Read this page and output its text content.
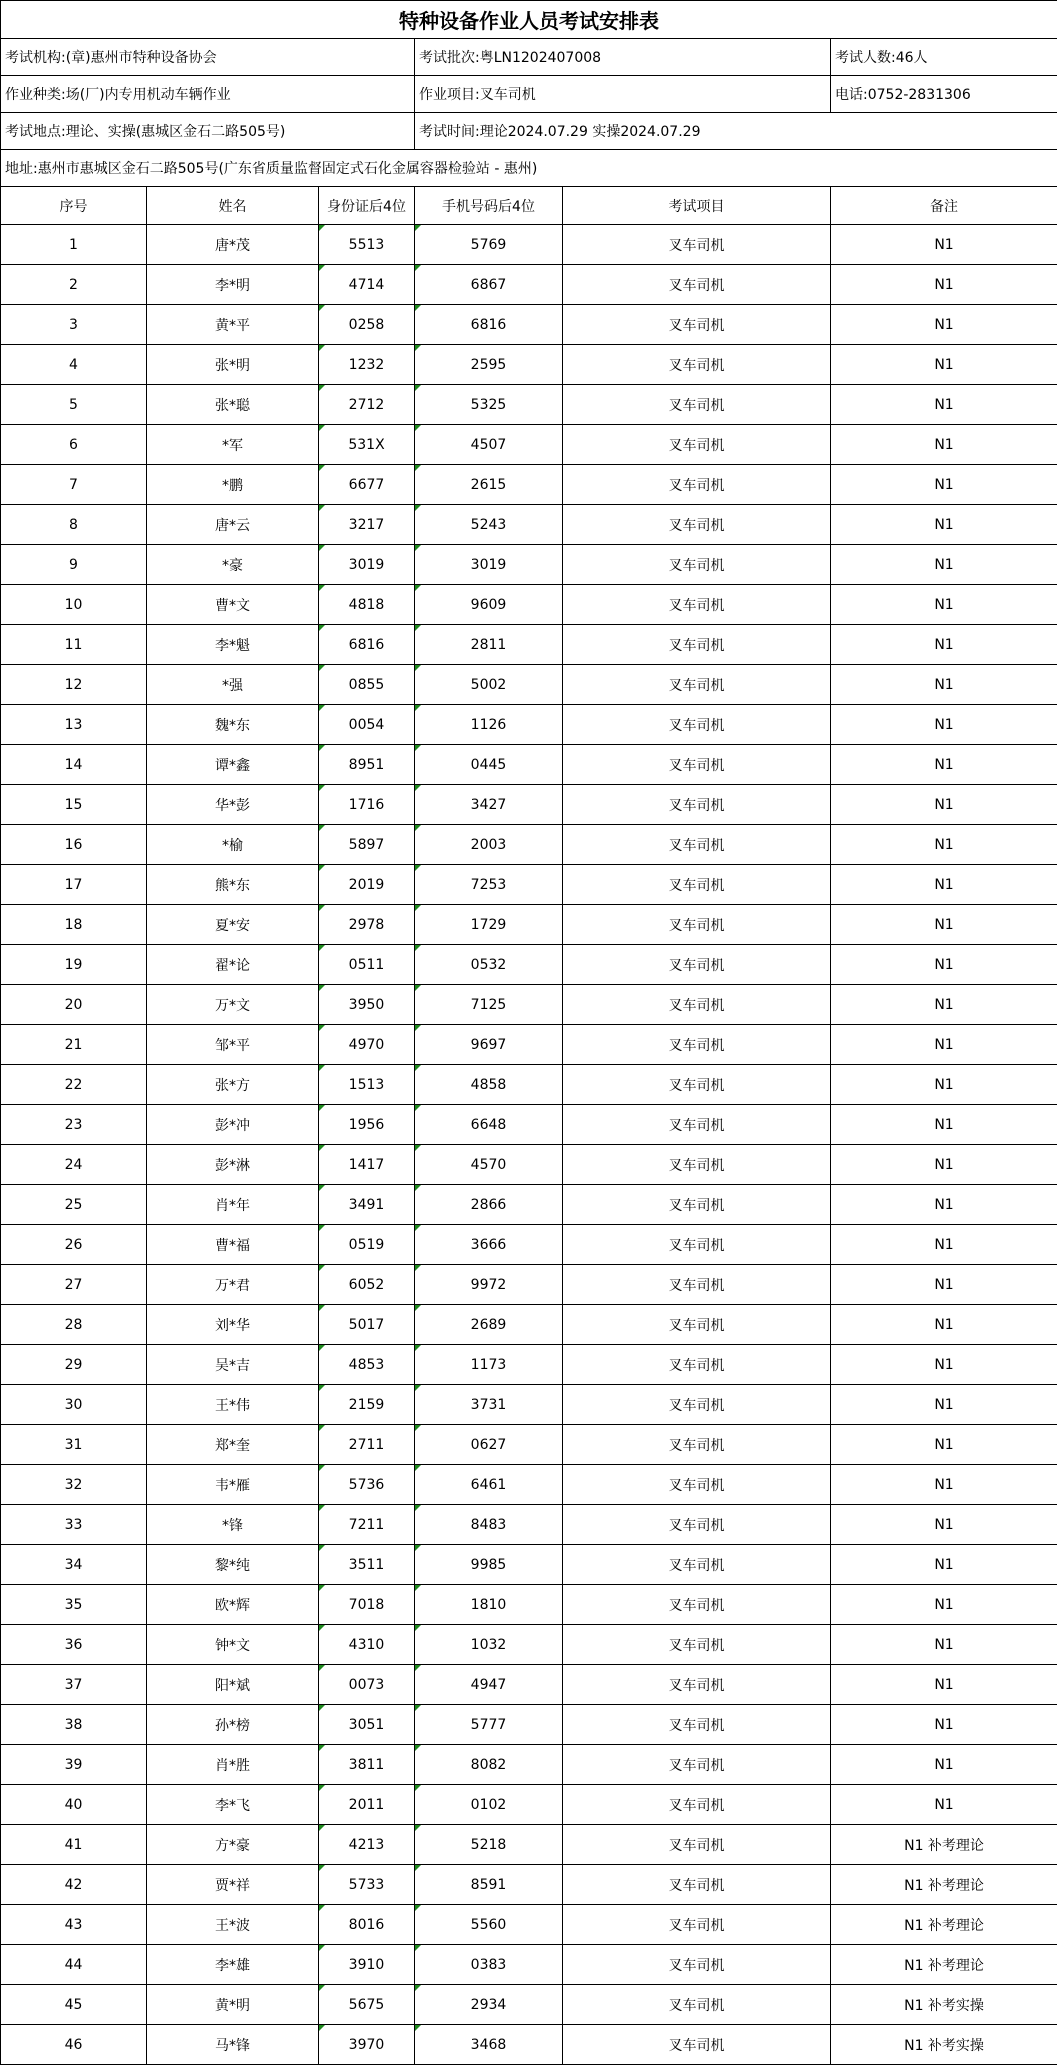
特种设备作业人员考试安排表					
考试机构:(章)惠州市特种设备协会			考试批次:粤LN1202407008		考试人数:46人
作业种类:场(厂)内专用机动车辆作业			作业项目:叉车司机		电话:0752-2831306
考试地点:理论、实操(惠城区金石二路505号)			考试时间:理论2024.07.29 实操2024.07.29		
地址:惠州市惠城区金石二路505号(广东省质量监督固定式石化金属容器检验站 - 惠州)					
序号	姓名	身份证后4位	手机号码后4位	考试项目	备注
1	唐*茂	5513	5769	叉车司机	N1
2	李*明	4714	6867	叉车司机	N1
3	黄*平	0258	6816	叉车司机	N1
4	张*明	1232	2595	叉车司机	N1
5	张*聪	2712	5325	叉车司机	N1
6	*军	531X	4507	叉车司机	N1
7	*鹏	6677	2615	叉车司机	N1
8	唐*云	3217	5243	叉车司机	N1
9	*豪	3019	3019	叉车司机	N1
10	曹*文	4818	9609	叉车司机	N1
11	李*魁	6816	2811	叉车司机	N1
12	*强	0855	5002	叉车司机	N1
13	魏*东	0054	1126	叉车司机	N1
14	谭*鑫	8951	0445	叉车司机	N1
15	华*彭	1716	3427	叉车司机	N1
16	*榆	5897	2003	叉车司机	N1
17	熊*东	2019	7253	叉车司机	N1
18	夏*安	2978	1729	叉车司机	N1
19	翟*论	0511	0532	叉车司机	N1
20	万*文	3950	7125	叉车司机	N1
21	邹*平	4970	9697	叉车司机	N1
22	张*方	1513	4858	叉车司机	N1
23	彭*冲	1956	6648	叉车司机	N1
24	彭*淋	1417	4570	叉车司机	N1
25	肖*年	3491	2866	叉车司机	N1
26	曹*福	0519	3666	叉车司机	N1
27	万*君	6052	9972	叉车司机	N1
28	刘*华	5017	2689	叉车司机	N1
29	吴*吉	4853	1173	叉车司机	N1
30	王*伟	2159	3731	叉车司机	N1
31	郑*奎	2711	0627	叉车司机	N1
32	韦*雁	5736	6461	叉车司机	N1
33	*锋	7211	8483	叉车司机	N1
34	黎*纯	3511	9985	叉车司机	N1
35	欧*辉	7018	1810	叉车司机	N1
36	钟*文	4310	1032	叉车司机	N1
37	阳*斌	0073	4947	叉车司机	N1
38	孙*榜	3051	5777	叉车司机	N1
39	肖*胜	3811	8082	叉车司机	N1
40	李*飞	2011	0102	叉车司机	N1
41	方*豪	4213	5218	叉车司机	N1 补考理论
42	贾*祥	5733	8591	叉车司机	N1 补考理论
43	王*波	8016	5560	叉车司机	N1 补考理论
44	李*雄	3910	0383	叉车司机	N1 补考理论
45	黄*明	5675	2934	叉车司机	N1 补考实操
46	马*锋	3970	3468	叉车司机	N1 补考实操
